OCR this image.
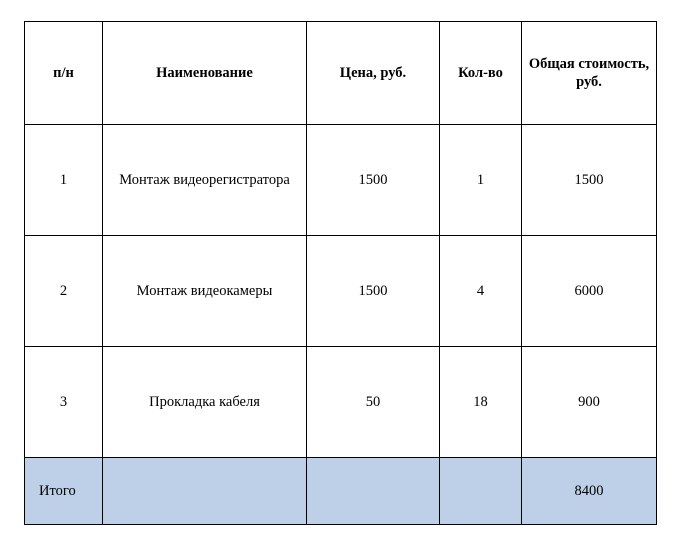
п/н	Наименование	Цена, руб.	Кол-во	Общая стоимость, руб.
1	Монтаж видеорегистратора	1500	1	1500
2	Монтаж видеокамеры	1500	4	6000
3	Прокладка кабеля	50	18	900
Итого				8400
